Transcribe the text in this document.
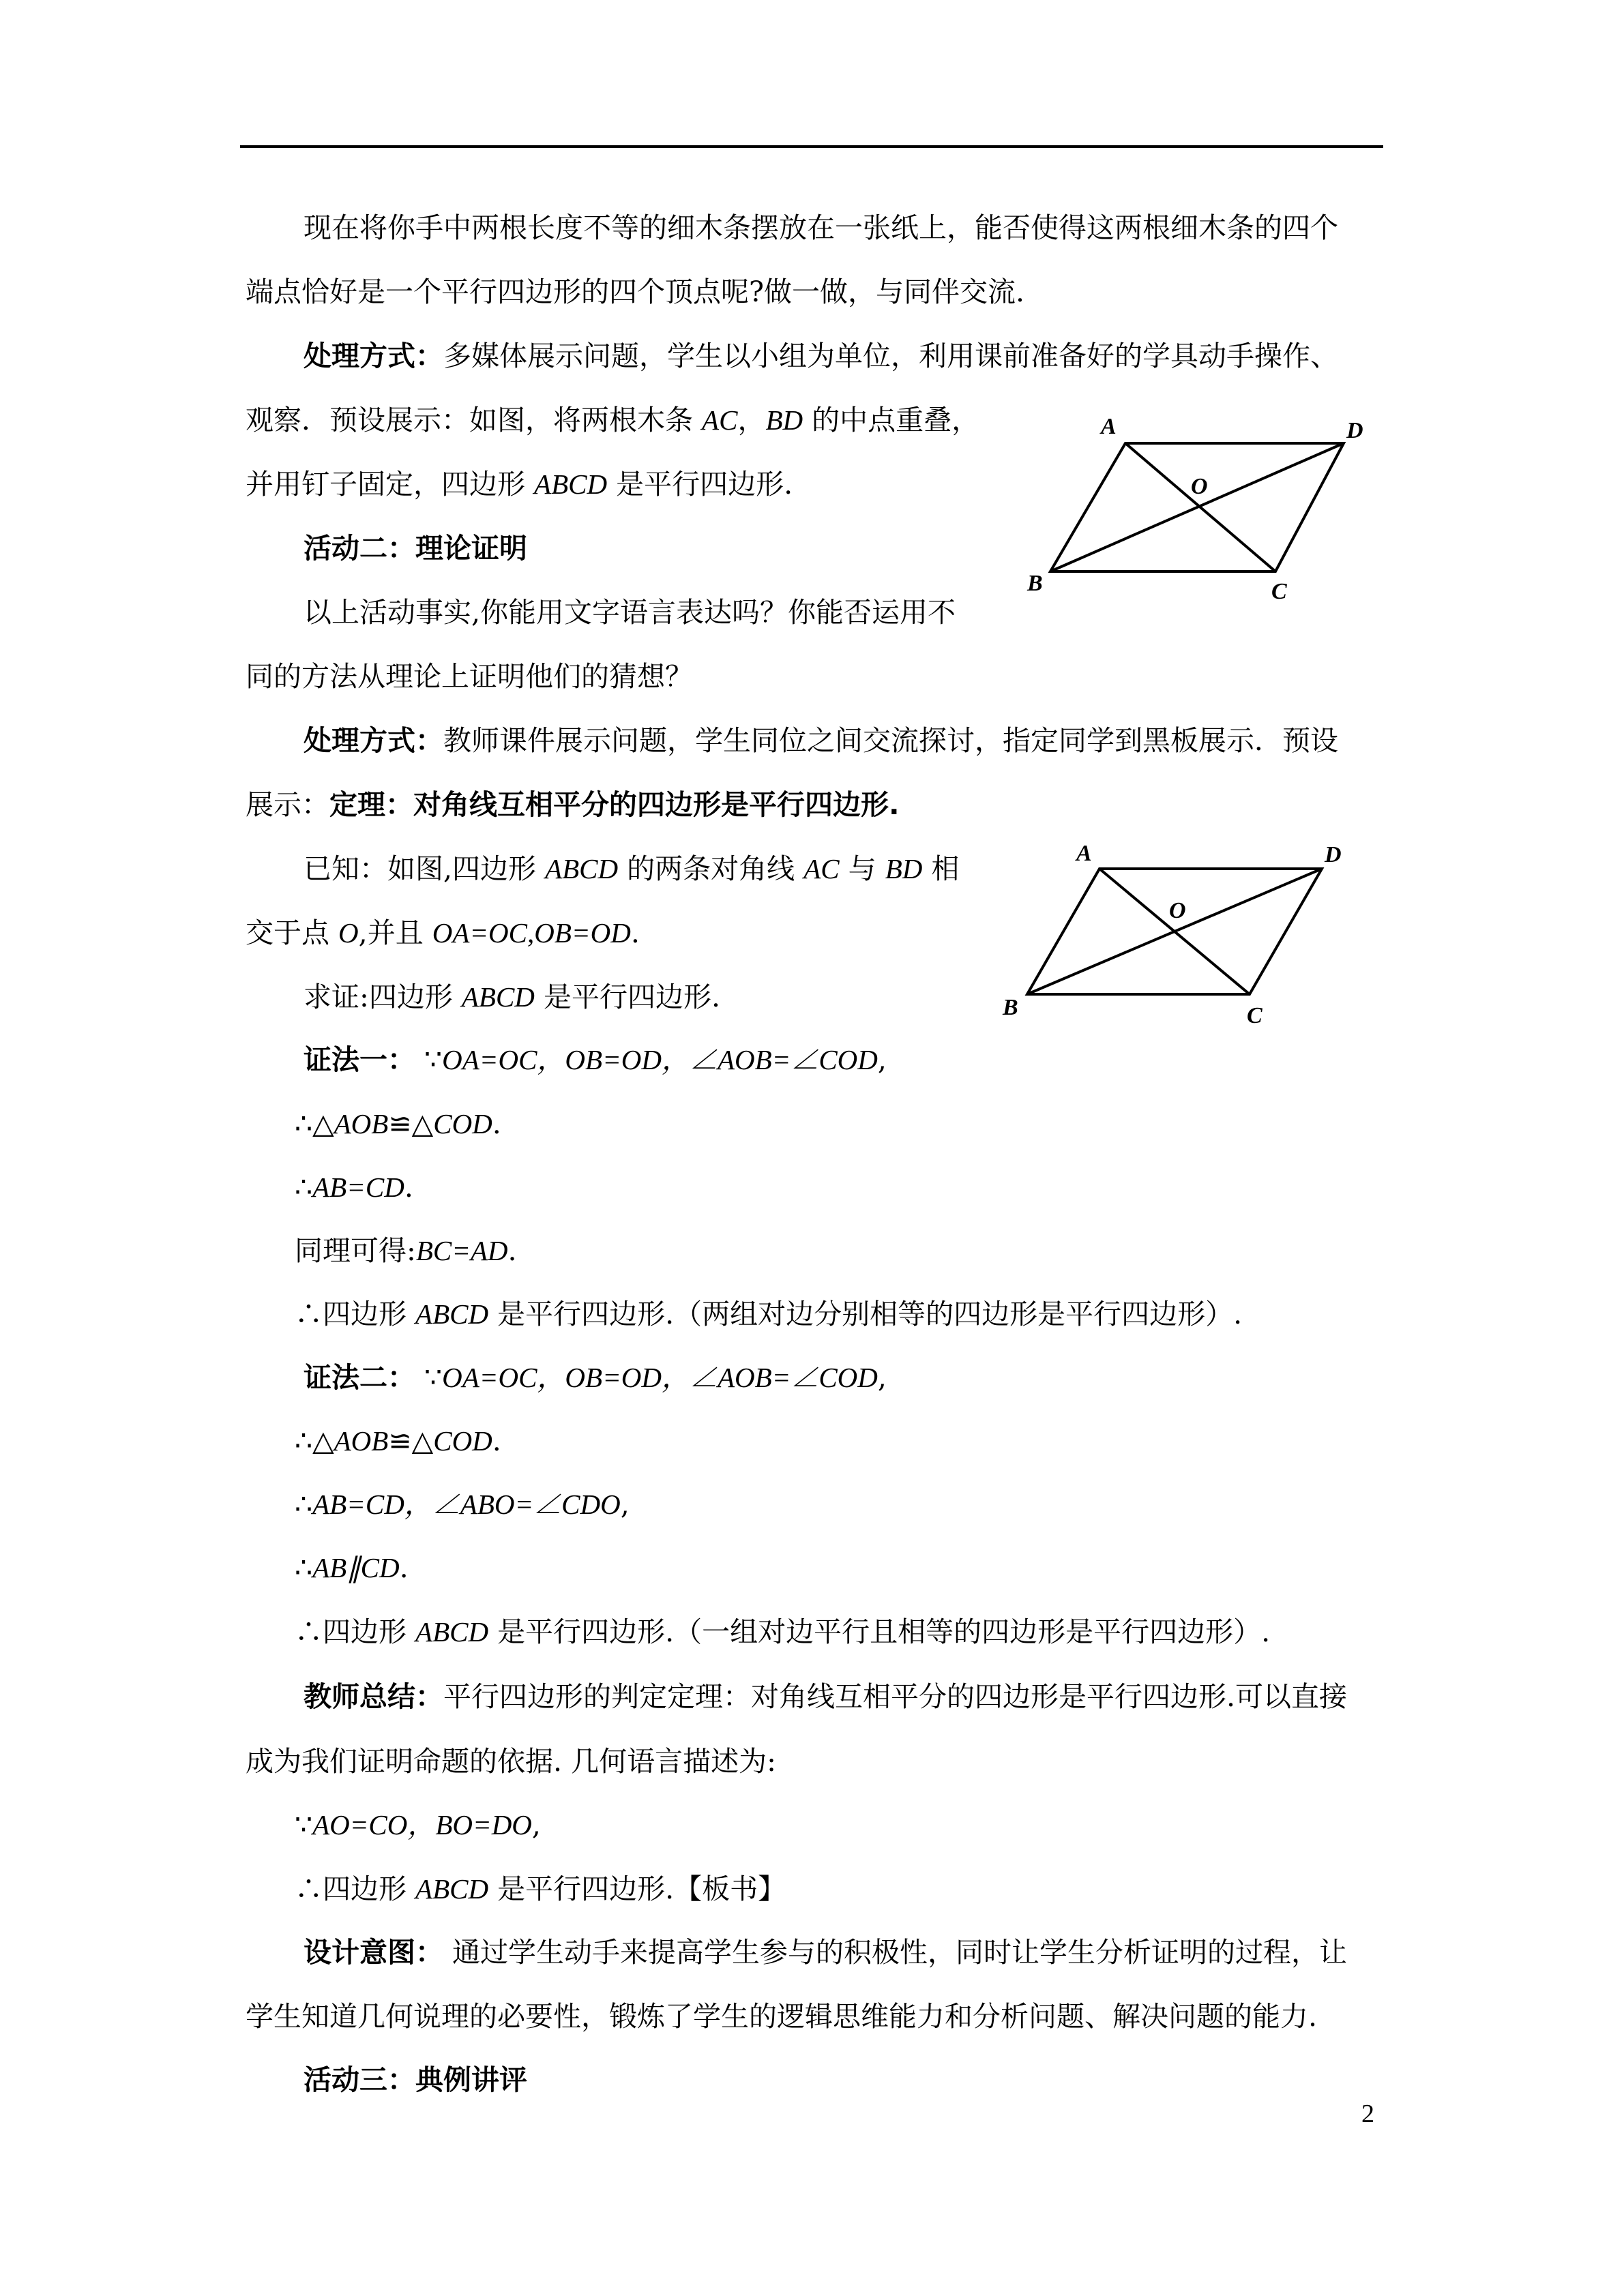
现在将你手中两根长度不等的细木条摆放在一张纸上，能否使得这两根细木条的四个
端点恰好是一个平行四边形的四个顶点呢?做一做，与同伴交流.
处理方式：多媒体展示问题，学生以小组为单位，利用课前准备好的学具动手操作、
观察．预设展示：如图，将两根木条 AC，BD 的中点重叠，
并用钉子固定，四边形 ABCD 是平行四边形.
活动二：理论证明
以上活动事实,你能用文字语言表达吗？你能否运用不
同的方法从理论上证明他们的猜想？
处理方式：教师课件展示问题，学生同位之间交流探讨，指定同学到黑板展示．预设
展示：定理：对角线互相平分的四边形是平行四边形.
已知：如图,四边形 ABCD 的两条对角线 AC 与 BD 相
交于点 O,并且 OA=OC,OB=OD.
求证:四边形 ABCD 是平行四边形.
证法一： ∵OA=OC，OB=OD，∠AOB=∠COD,
∴△AOB≌△COD.
∴AB=CD.
同理可得:BC=AD.
∴四边形 ABCD 是平行四边形.（两组对边分别相等的四边形是平行四边形）.
证法二： ∵OA=OC，OB=OD，∠AOB=∠COD,
∴△AOB≌△COD.
∴AB=CD，∠ABO=∠CDO,
∴AB∥CD.
∴四边形 ABCD 是平行四边形.（一组对边平行且相等的四边形是平行四边形）.
教师总结：平行四边形的判定定理：对角线互相平分的四边形是平行四边形.可以直接
成为我们证明命题的依据. 几何语言描述为:
∵AO=CO，BO=DO,
∴四边形 ABCD 是平行四边形.【板书】
设计意图： 通过学生动手来提高学生参与的积极性，同时让学生分析证明的过程，让
学生知道几何说理的必要性，锻炼了学生的逻辑思维能力和分析问题、解决问题的能力.
活动三：典例讲评
A	D
O
B	C
A	D
O
B	C
2
